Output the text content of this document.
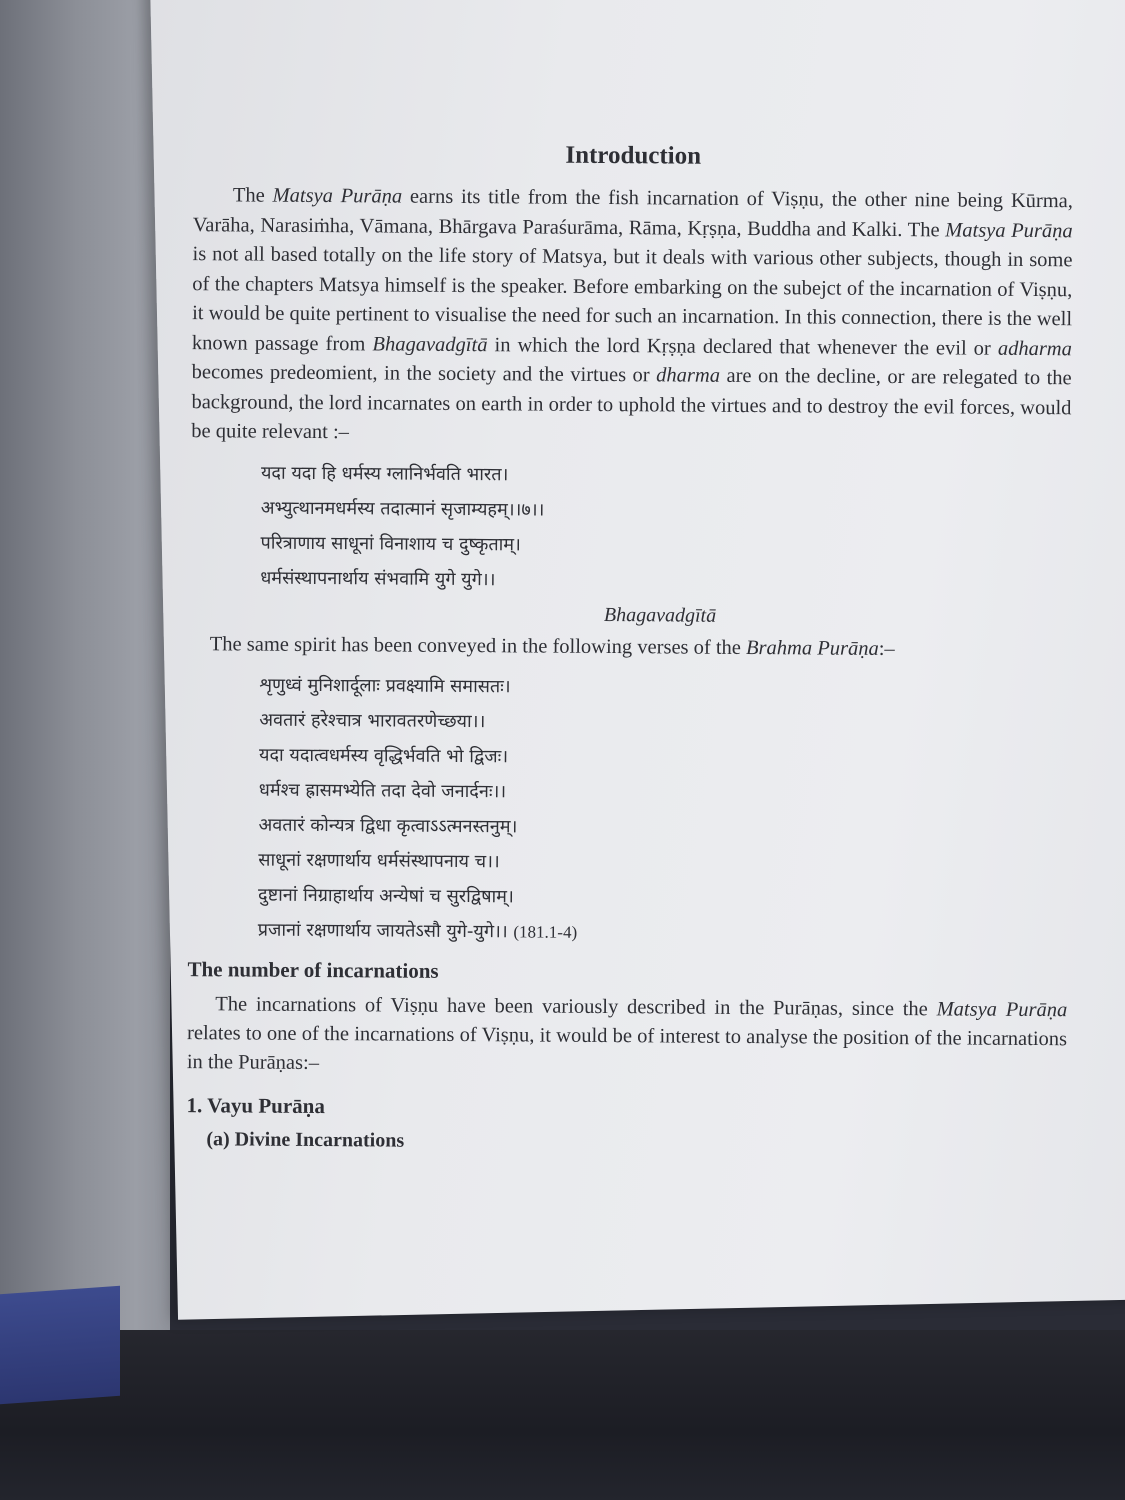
Introduction

The Matsya Purāṇa earns its title from the fish incarnation of Viṣṇu, the other nine being Kūrma, Varāha, Narasiṁha, Vāmana, Bhārgava Paraśurāma, Rāma, Kṛṣṇa, Buddha and Kalki. The Matsya Purāṇa is not all based totally on the life story of Matsya, but it deals with various other subjects, though in some of the chapters Matsya himself is the speaker. Before embarking on the subejct of the incarnation of Viṣṇu, it would be quite pertinent to visualise the need for such an incarnation. In this connection, there is the well known passage from Bhagavadgītā in which the lord Kṛṣṇa declared that whenever the evil or adharma becomes predeomient, in the society and the virtues or dharma are on the decline, or are relegated to the background, the lord incarnates on earth in order to uphold the virtues and to destroy the evil forces, would be quite relevant :–

यदा यदा हि धर्मस्य ग्लानिर्भवति भारत।
अभ्युत्थानमधर्मस्य तदात्मानं सृजाम्यहम्।।७।।
परित्राणाय साधूनां विनाशाय च दुष्कृताम्।
धर्मसंस्थापनार्थाय संभवामि युगे युगे।।
Bhagavadgītā

The same spirit has been conveyed in the following verses of the Brahma Purāṇa:–

शृणुध्वं मुनिशार्दूलाः प्रवक्ष्यामि समासतः।
अवतारं हरेश्चात्र भारावतरणेच्छया।।
यदा यदात्वधर्मस्य वृद्धिर्भवति भो द्विजः।
धर्मश्च ह्रासमभ्येति तदा देवो जनार्दनः।।
अवतारं कोन्यत्र द्विधा कृत्वाऽऽत्मनस्तनुम्।
साधूनां रक्षणार्थाय धर्मसंस्थापनाय च।।
दुष्टानां निग्राहार्थाय अन्येषां च सुरद्विषाम्।
प्रजानां रक्षणार्थाय जायतेऽसौ युगे-युगे।। (181.1-4)
The number of incarnations

The incarnations of Viṣṇu have been variously described in the Purāṇas, since the Matsya Purāṇa relates to one of the incarnations of Viṣṇu, it would be of interest to analyse the position of the incarnations in the Purāṇas:–

1. Vayu Purāṇa
(a) Divine Incarnations
